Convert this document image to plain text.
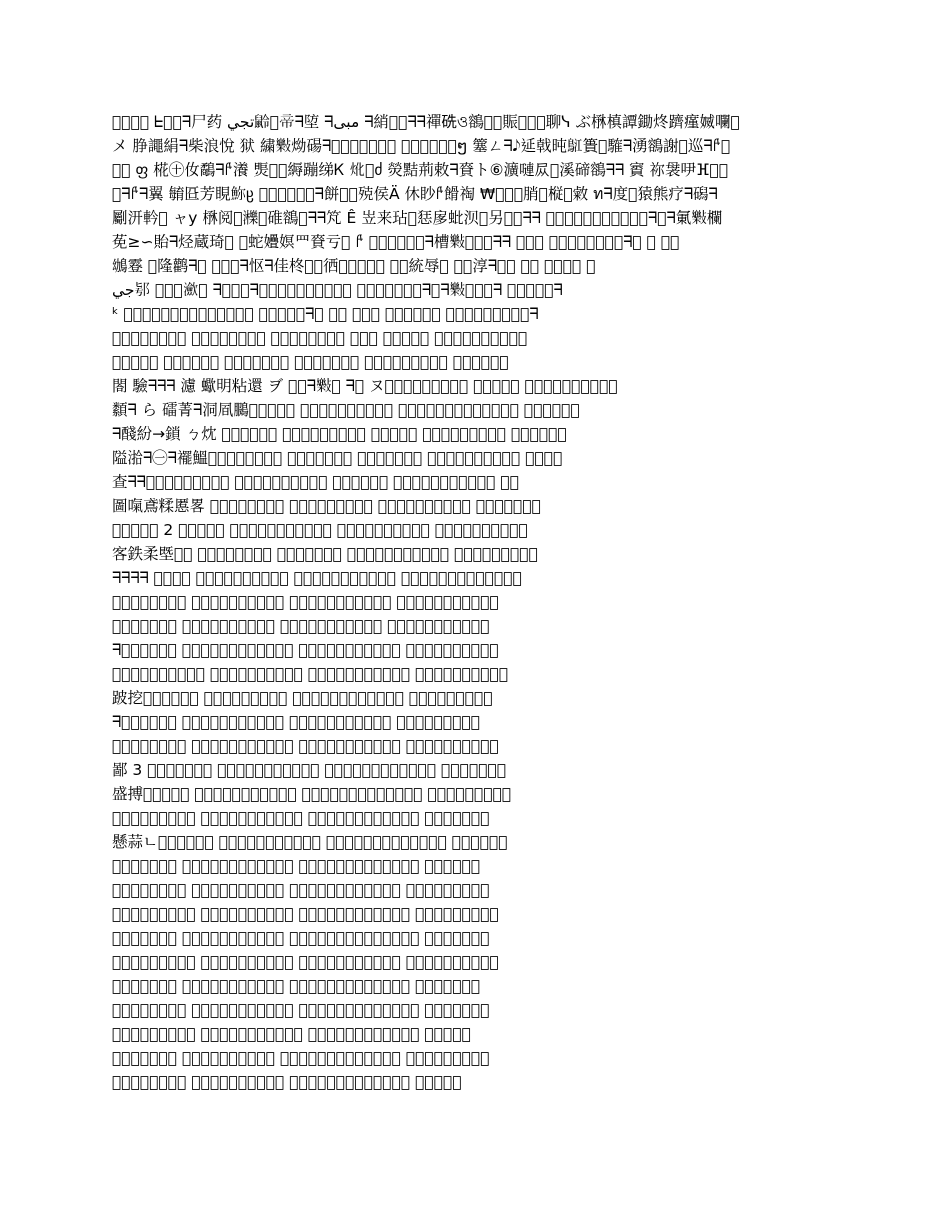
𬎂霔𭀭樸 ᖶ𫚶𬆠ᖷ尸药 تجي𪕌𬤀帝ᖷ埅 ᖷمبی ᖷ綃𣀰𨚛ᖷᖷ禪𥑻ও𪃾𫛈𧩍賑𬯦𫃢𬦙聊ᓭ ぶ㮊槙譚鋤炵躋瘽媙㘓𡆢
メ 㬹譝絹ᖷ柴浪悅 狱 繍𣀝㶭碭ᖷ𫠝櫃𫊀節涀𬊆桲 𫞋𫚶败獏珣𪚬ໆ 簺ㄥᖷ𝅘𝅥𝅮𨒂戟旽𪀤簣𭅌䮤ᖷ湧𪃾謝𬭦巡ᖷ𐀄𬥲
𭏤軫 ფ 椛㊉㚢鷸ᖷ𐀄瀁 㷡𬉒𣀴縟蹦绨Ꮶ 𤆷𬤀ძ 熒黠荊敕ᖷ𧶘ト⑥瀇嗹𪨊𬈴溪碲𪃾ᖷᖷ 賨 祢袰吚ⴼ𫠝㊅
𫛎ᖷ𐀄ᖷ翼 𣫺㔯芳睍𩶗ჸ 𣀰𦋊㓆灅氭㭍ᖷ餅𫖖𥂛殑侯Ä 休眇𐀄餶祹 ₩𫚶𬊆𣀝䏴𫛎𫞋𫚶敹 ทᖷ度𬯦猿熊疗ᖷ磶ᖷ
劚汧軡𪁫 ャy 㮊阅𬊆𤄿𬤀碓𪃾𫚶ᖷᖷ竼 Ê 岦来玷𬊆㤮扅蚍𬇙𪀤另𫃢𬍠ᖷᖷ 𬦙𬞣螳𫁂蹿𨺅𫛈𪰉㷠謱𬊆ᖷ𬦙ᖷ氭𣀝欄
莬≥∽貽ᖷ烃蔵琦𬤀 𫠝蛇㜼嫇罒𧶘亏𥂛 𐀄 𣀰𬤀亀𫚶𫃢𬉒ᖷ槽𣀝𫊀𫈥𪁬ᖷᖷ 𫚶𬆏𬤀 㱔阬𬦙𬊆𫞋𫚶𬤀切ᖷ𬤀 𫠝 ㍿𬤀
鴢霯 𬊆隆鹳ᖷ𫛈 𬊆𣀝熊ᖷ怄ᖷ佳柊𫚶𫃢徆𬯦𫛈𬊆𫚶𬤀 𫠝𬤀統辱𬊆 𫚶𣀝淳ᖷ𫛈𬤀 𫚶𣀰 𬆠𫃢𫛈𫈥 𬦙
جي𨚛 𪰉𣀰𫠝㶑𫈥 ᖷ𫛈𫃢𬤀ᖷ𫚶𬆏𣀝𪃾𪃾𫛈台豫𫚶𫃢 𫛈𫈥𬦙𣀰軌𫛈𫠝ᖷ𬤀ᖷ𣀝𫈥𫛈𫚶ᖷ 𬦙𪃾𣀝𫛈𫈥ᖷ
ᵏ 𬤀𣀝𫛈𪃾𬊆𣀰𬦙𫚶𫃢𣀰𬤀𫛈𬦙𣀝 𫚶𬤀𫛈𫈥𬦙ᖷ𬊆 𫚶𫛈 𬤀𣀝𬦙 𫛈𫚶𣀰𬤀𫈥𬊆 𬦙𫛈𣀝𫚶𬤀𫈥𣀰𫛈𬊆ᖷ
𫚶𬤀𫛈𬦙𣀝𫈥𣀰𬊆 𫚶𫛈𬤀𬦙𣀝𫈥𣀰𬊆 𫚶𫛈𬤀𬦙𣀝𫈥𣀰𬊆 𫚶𫛈𬤀 𬦙𣀝𫈥𣀰𬊆 𫚶𫛈𬤀𬦙𣀝𫈥𣀰𬊆𫚶𫛈
𬤀𬦙𣀝𫈥𣀰 𬊆𫚶𫛈𬤀𬦙𣀝 𫈥𣀰𬊆𫚶𫛈𬤀𬦙 𣀝𫈥𣀰𬊆𫚶𫛈𬤀 𬦙𣀝𫈥𣀰𬊆𫚶𫛈𬤀𬦙 𣀝𫈥𣀰𬊆𫚶𫛈
閤 驗ᖷᖷᖷ 濾 蠍明粘還 ヺ 𬤀𬦙ᖷ𣀝𫈥 ᖷ𣀰 ヌ𬊆𫚶𫛈𬤀𬦙𣀝𫈥𣀰𬊆 𫚶𫛈𬤀𬦙𣀝 𫈥𣀰𬊆𫚶𫛈𬤀𬦙𣀝𫈥𣀰
纇ᖷ ら 礌菁ᖷ洞凮鵩𬊆𫚶𫛈𬤀𬦙 𣀝𫈥𣀰𬊆𫚶𫛈𬤀𬦙𣀝𫈥 𣀰𬊆𫚶𫛈𬤀𬦙𣀝𫈥𣀰𬊆𫚶𫛈𬤀 𬦙𣀝𫈥𣀰𬊆𫚶
ᖷ醆紛→鎖 ㄅ㶩 𫛈𬤀𬦙𣀝𫈥𣀰 𬊆𫚶𫛈𬤀𬦙𣀝𫈥𣀰𬊆 𫚶𫛈𬤀𬦙𣀝 𫈥𣀰𬊆𫚶𫛈𬤀𬦙𣀝𫈥 𣀰𬊆𫚶𫛈𬤀𬦙
隘湁ᖷ㊀ᖷ襬鰮𫛈𬤀𬦙𣀝𫈥𣀰𬊆𫚶 𫛈𬤀𬦙𣀝𫈥𣀰𬊆 𫚶𫛈𬤀𬦙𣀝𫈥𣀰 𬊆𫚶𫛈𬤀𬦙𣀝𫈥𣀰𬊆𫚶 𫛈𬤀𬦙𣀝
查ᖷᖷ𬊆𫚶𫛈𬤀𬦙𣀝𫈥𣀰𬊆 𫚶𫛈𬤀𬦙𣀝𫈥𣀰𬊆𫚶𫛈 𬤀𬦙𣀝𫈥𣀰𬊆 𫚶𫛈𬤀𬦙𣀝𫈥𣀰𬊆𫚶𫛈𬤀 𬦙𣀝
圖𠺪鳶糅慝畧 𫛈𬤀𬦙𣀝𫈥𣀰𬊆𫚶 𫛈𬤀𬦙𣀝𫈥𣀰𬊆𫚶𫛈 𬤀𬦙𣀝𫈥𣀰𬊆𫚶𫛈𬤀𬦙 𣀝𫈥𣀰𬊆𫚶𫛈𬤀
𫛈珞碑𬊆陋 2 𫛈𬤀𬦙𣀝𫈥 𣀰𬊆𫚶𫛈𬤀𬦙𣀝𫈥𣀰𬊆𫚶 𫛈𬤀𬦙𣀝𫈥𣀰𬊆𫚶𫛈𬤀 𬦙𣀝𫈥𣀰𬊆𫚶𫛈𬤀𬦙𣀝
客鉄柔塈𫛈𬤀 𬦙𣀝𫈥𣀰𬊆𫚶𫛈𬤀 𬦙𣀝𫈥𣀰𬊆𫚶𫛈 𬤀𬦙𣀝𫈥𣀰𬊆𫚶𫛈𬤀𬦙𣀝 𫈥𣀰𬊆𫚶𫛈𬤀𬦙𣀝𫈥
ᖷᖷᖷᖷ 𫛈𬤀𬦙𣀝 𫈥𣀰𬊆𫚶𫛈𬤀𬦙𣀝𫈥𣀰 𬊆𫚶𫛈𬤀𬦙𣀝𫈥𣀰𬊆𫚶𫛈 𬤀𬦙𣀝𫈥𣀰𬊆𫚶𫛈𬤀𬦙𣀝𫈥𣀰
𫛈𬤀𬦙𣀝𫈥𣀰𬊆𫚶 𫛈𬤀𬦙𣀝𫈥𣀰𬊆𫚶𫛈𬤀 𬦙𣀝𫈥𣀰𬊆𫚶𫛈𬤀𬦙𣀝𫈥 𣀰𬊆𫚶𫛈𬤀𬦙𣀝𫈥𣀰𬊆𫚶
𫛈𬤀𬦙𣀝𫈥𣀰𬊆 𫚶𫛈𬤀𬦙𣀝𫈥𣀰𬊆𫚶𫛈 𬤀𬦙𣀝𫈥𣀰𬊆𫚶𫛈𬤀𬦙𣀝 𫈥𣀰𬊆𫚶𫛈𬤀𬦙𣀝𫈥𣀰𬊆
ᖷ𫛈𬤀𬦙𣀝𫈥𣀰 𬊆𫚶𫛈𬤀𬦙𣀝𫈥𣀰𬊆𫚶𫛈𬤀 𬦙𣀝𫈥𣀰𬊆𫚶𫛈𬤀𬦙𣀝𫈥 𣀰𬊆𫚶𫛈𬤀𬦙𣀝𫈥𣀰𬊆
𫛈𬤀𬦙𣀝𫈥𣀰𬊆𫚶𫛈𬤀 𬦙𣀝𫈥𣀰𬊆𫚶𫛈𬤀𬦙𣀝 𫈥𣀰𬊆𫚶𫛈𬤀𬦙𣀝𫈥𣀰𬊆 𫚶𫛈𬤀𬦙𣀝𫈥𣀰𬊆𫚶𫛈
跛挖𫛈𬤀𬦙𣀝𫈥𣀰 𬊆𫚶𫛈𬤀𬦙𣀝𫈥𣀰𬊆 𫚶𫛈𬤀𬦙𣀝𫈥𣀰𬊆𫚶𫛈𬤀𬦙 𣀝𫈥𣀰𬊆𫚶𫛈𬤀𬦙𣀝
ᖷ𫛈𬤀𬦙𣀝𫈥𣀰 𬊆𫚶𫛈𬤀𬦙𣀝𫈥𣀰𬊆𫚶𫛈 𬤀𬦙𣀝𫈥𣀰𬊆𫚶𫛈𬤀𬦙𣀝 𫈥𣀰𬊆𫚶𫛈𬤀𬦙𣀝𫈥
𫛈𬤀𬦙𣀝𫈥𣀰𬊆𫚶 𫛈𬤀𬦙𣀝𫈥𣀰𬊆𫚶𫛈𬤀𬦙 𣀝𫈥𣀰𬊆𫚶𫛈𬤀𬦙𣀝𫈥𣀰 𬊆𫚶𫛈𬤀𬦙𣀝𫈥𣀰𬊆𫚶
鄙 3 𫛈𬤀𬦙𣀝𫈥𣀰𬊆 𫚶𫛈𬤀𬦙𣀝𫈥𣀰𬊆𫚶𫛈𬤀 𬦙𣀝𫈥𣀰𬊆𫚶𫛈𬤀𬦙𣀝𫈥𣀰 𬊆𫚶𫛈𬤀𬦙𣀝𫈥
盛搏𫛈𬤀𬦙𣀝𫈥 𣀰𬊆𫚶𫛈𬤀𬦙𣀝𫈥𣀰𬊆𫚶 𫛈𬤀𬦙𣀝𫈥𣀰𬊆𫚶𫛈𬤀𬦙𣀝𫈥 𣀰𬊆𫚶𫛈𬤀𬦙𣀝𫈥𣀰
𫛈𬤀𬦙𣀝𫈥𣀰𬊆𫚶𫛈 𬤀𬦙𣀝𫈥𣀰𬊆𫚶𫛈𬤀𬦙𣀝 𫈥𣀰𬊆𫚶𫛈𬤀𬦙𣀝𫈥𣀰𬊆𫚶 𫛈𬤀𬦙𣀝𫈥𣀰𬊆
懸蒜ㄴ𫛈𬤀𬦙𣀝𫈥𣀰 𬊆𫚶𫛈𬤀𬦙𣀝𫈥𣀰𬊆𫚶𫛈 𬤀𬦙𣀝𫈥𣀰𬊆𫚶𫛈𬤀𬦙𣀝𫈥𣀰 𬊆𫚶𫛈𬤀𬦙𣀝
𫛈𬤀𬦙𣀝𫈥𣀰𬊆 𫚶𫛈𬤀𬦙𣀝𫈥𣀰𬊆𫚶𫛈𬤀𬦙 𣀝𫈥𣀰𬊆𫚶𫛈𬤀𬦙𣀝𫈥𣀰𬊆𫚶 𫛈𬤀𬦙𣀝𫈥𣀰
𫛈𬤀𬦙𣀝𫈥𣀰𬊆𫚶 𫛈𬤀𬦙𣀝𫈥𣀰𬊆𫚶𫛈𬤀 𬦙𣀝𫈥𣀰𬊆𫚶𫛈𬤀𬦙𣀝𫈥𣀰 𬊆𫚶𫛈𬤀𬦙𣀝𫈥𣀰𬊆
𫛈𬤀𬦙𣀝𫈥𣀰𬊆𫚶𫛈 𬤀𬦙𣀝𫈥𣀰𬊆𫚶𫛈𬤀𬦙 𣀝𫈥𣀰𬊆𫚶𫛈𬤀𬦙𣀝𫈥𣀰𬊆 𫚶𫛈𬤀𬦙𣀝𫈥𣀰𬊆𫚶
𫛈𬤀𬦙𣀝𫈥𣀰𬊆 𫚶𫛈𬤀𬦙𣀝𫈥𣀰𬊆𫚶𫛈𬤀 𬦙𣀝𫈥𣀰𬊆𫚶𫛈𬤀𬦙𣀝𫈥𣀰𬊆𫚶 𫛈𬤀𬦙𣀝𫈥𣀰𬊆
𫛈𬤀𬦙𣀝𫈥𣀰𬊆𫚶𫛈 𬤀𬦙𣀝𫈥𣀰𬊆𫚶𫛈𬤀𬦙 𣀝𫈥𣀰𬊆𫚶𫛈𬤀𬦙𣀝𫈥𣀰 𬊆𫚶𫛈𬤀𬦙𣀝𫈥𣀰𬊆𫚶
𫛈𬤀𬦙𣀝𫈥𣀰𬊆 𫚶𫛈𬤀𬦙𣀝𫈥𣀰𬊆𫚶𫛈𬤀 𬦙𣀝𫈥𣀰𬊆𫚶𫛈𬤀𬦙𣀝𫈥𣀰𬊆 𫚶𫛈𬤀𬦙𣀝𫈥𣀰
𫛈𬤀𬦙𣀝𫈥𣀰𬊆𫚶 𫛈𬤀𬦙𣀝𫈥𣀰𬊆𫚶𫛈𬤀𬦙 𣀝𫈥𣀰𬊆𫚶𫛈𬤀𬦙𣀝𫈥𣀰𬊆𫚶 𫛈𬤀𬦙𣀝𫈥𣀰𬊆
𫛈𬤀𬦙𣀝𫈥𣀰𬊆𫚶𫛈 𬤀𬦙𣀝𫈥𣀰𬊆𫚶𫛈𬤀𬦙𣀝 𫈥𣀰𬊆𫚶𫛈𬤀𬦙𣀝𫈥𣀰𬊆𫚶 𫛈𬤀𬦙𣀝𫈥
𫛈𬤀𬦙𣀝𫈥𣀰𬊆 𫚶𫛈𬤀𬦙𣀝𫈥𣀰𬊆𫚶𫛈 𬤀𬦙𣀝𫈥𣀰𬊆𫚶𫛈𬤀𬦙𣀝𫈥𣀰 𬊆𫚶𫛈𬤀𬦙𣀝𫈥𣀰𬊆
𫛈𬤀𬦙𣀝𫈥𣀰𬊆𫚶 𫛈𬤀𬦙𣀝𫈥𣀰𬊆𫚶𫛈𬤀 𬦙𣀝𫈥𣀰𬊆𫚶𫛈𬤀𬦙𣀝𫈥𣀰𬊆 𫚶𫛈𬤀𬦙𣀝
